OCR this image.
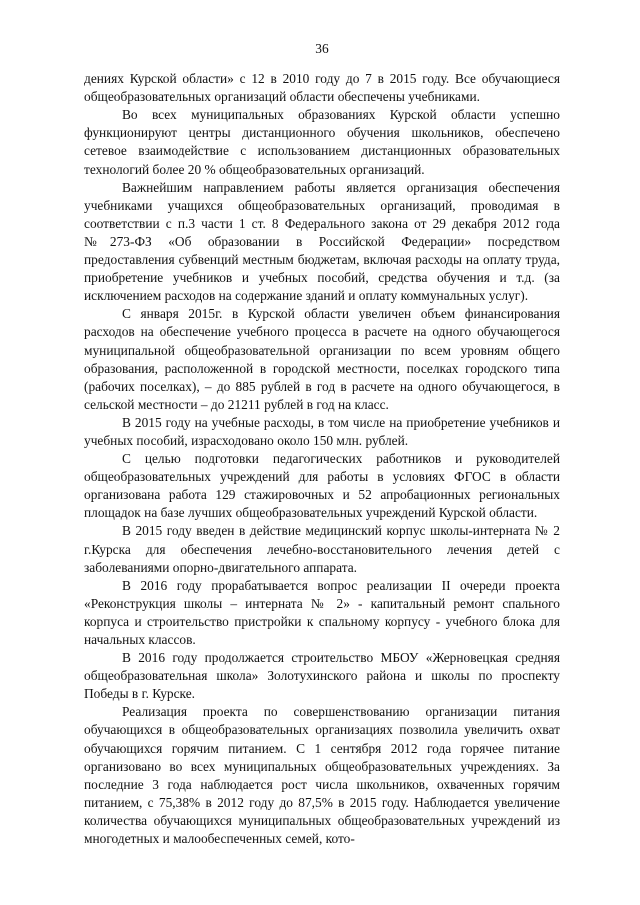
36

дениях Курской области» с 12 в 2010 году до 7 в 2015 году. Все обучающиеся общеобразовательных организаций области обеспечены учебниками.

Во всех муниципальных образованиях Курской области успешно функционируют центры дистанционного обучения школьников, обеспечено сетевое взаимодействие с использованием дистанционных образовательных технологий более 20 % общеобразовательных организаций.

Важнейшим направлением работы является организация обеспечения учебниками учащихся общеобразовательных организаций, проводимая в соответствии с п.3 части 1 ст. 8 Федерального закона от 29 декабря 2012 года №273-ФЗ «Об образовании в Российской Федерации» посредством предоставления субвенций местным бюджетам, включая расходы на оплату труда, приобретение учебников и учебных пособий, средства обучения и т.д. (за исключением расходов на содержание зданий и оплату коммунальных услуг).

С января 2015г. в Курской области увеличен объем финансирования расходов на обеспечение учебного процесса в расчете на одного обучающегося муниципальной общеобразовательной организации по всем уровням общего образования, расположенной в городской местности, поселках городского типа (рабочих поселках), – до 885 рублей в год в расчете на одного обучающегося, в сельской местности – до 21211 рублей в год на класс.

В 2015 году на учебные расходы, в том числе на приобретение учебников и учебных пособий, израсходовано около 150 млн. рублей.

С целью подготовки педагогических работников и руководителей общеобразовательных учреждений для работы в условиях ФГОС в области организована работа 129 стажировочных и 52 апробационных региональных площадок на базе лучших общеобразовательных учреждений Курской области.

В 2015 году введен в действие медицинский корпус школы-интерната № 2 г.Курска для обеспечения лечебно-восстановительного лечения детей с заболеваниями опорно-двигательного аппарата.

В 2016 году прорабатывается вопрос реализации II очереди проекта «Реконструкция школы – интерната № 2» - капитальный ремонт спального корпуса и строительство пристройки к спальному корпусу - учебного блока для начальных классов.

В 2016 году продолжается строительство МБОУ «Жерновецкая средняя общеобразовательная школа» Золотухинского района и школы по проспекту Победы в г. Курске.

Реализация проекта по совершенствованию организации питания обучающихся в общеобразовательных организациях позволила увеличить охват обучающихся горячим питанием. С 1 сентября 2012 года горячее питание организовано во всех муниципальных общеобразовательных учреждениях. За последние 3 года наблюдается рост числа школьников, охваченных горячим питанием, с 75,38% в 2012 году до 87,5% в 2015 году. Наблюдается увеличение количества обучающихся муниципальных общеобразовательных учреждений из многодетных и малообеспеченных семей, кото-
